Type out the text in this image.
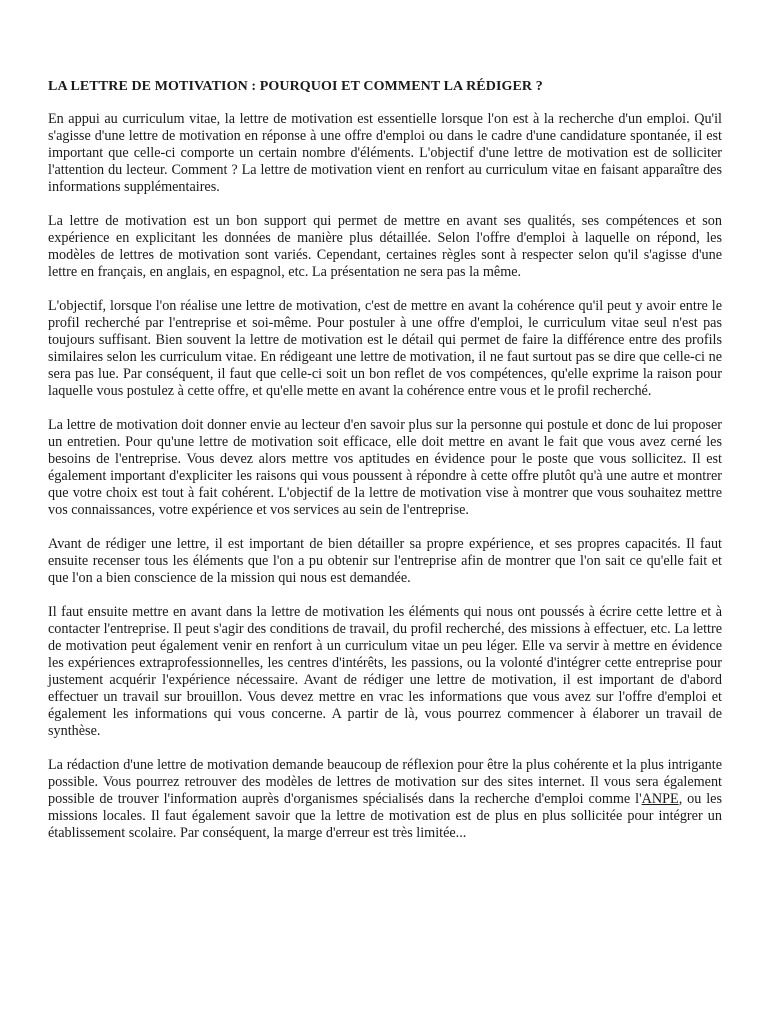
LA LETTRE DE MOTIVATION : POURQUOI ET COMMENT LA RÉDIGER ?

En appui au curriculum vitae, la lettre de motivation est essentielle lorsque l'on est à la recherche d'un emploi. Qu'il s'agisse d'une lettre de motivation en réponse à une offre d'emploi ou dans le cadre d'une candidature spontanée, il est important que celle-ci comporte un certain nombre d'éléments. L'objectif d'une lettre de motivation est de solliciter l'attention du lecteur. Comment ? La lettre de motivation vient en renfort au curriculum vitae en faisant apparaître des informations supplémentaires.

La lettre de motivation est un bon support qui permet de mettre en avant ses qualités, ses compétences et son expérience en explicitant les données de manière plus détaillée. Selon l'offre d'emploi à laquelle on répond, les modèles de lettres de motivation sont variés. Cependant, certaines règles sont à respecter selon qu'il s'agisse d'une lettre en français, en anglais, en espagnol, etc. La présentation ne sera pas la même.

L'objectif, lorsque l'on réalise une lettre de motivation, c'est de mettre en avant la cohérence qu'il peut y avoir entre le profil recherché par l'entreprise et soi-même. Pour postuler à une offre d'emploi, le curriculum vitae seul n'est pas toujours suffisant. Bien souvent la lettre de motivation est le détail qui permet de faire la différence entre des profils similaires selon les curriculum vitae. En rédigeant une lettre de motivation, il ne faut surtout pas se dire que celle-ci ne sera pas lue. Par conséquent, il faut que celle-ci soit un bon reflet de vos compétences, qu'elle exprime la raison pour laquelle vous postulez à cette offre, et qu'elle mette en avant la cohérence entre vous et le profil recherché.

La lettre de motivation doit donner envie au lecteur d'en savoir plus sur la personne qui postule et donc de lui proposer un entretien. Pour qu'une lettre de motivation soit efficace, elle doit mettre en avant le fait que vous avez cerné les besoins de l'entreprise. Vous devez alors mettre vos aptitudes en évidence pour le poste que vous sollicitez. Il est également important d'expliciter les raisons qui vous poussent à répondre à cette offre plutôt qu'à une autre et montrer que votre choix est tout à fait cohérent. L'objectif de la lettre de motivation vise à montrer que vous souhaitez mettre vos connaissances, votre expérience et vos services au sein de l'entreprise.

Avant de rédiger une lettre, il est important de bien détailler sa propre expérience, et ses propres capacités. Il faut ensuite recenser tous les éléments que l'on a pu obtenir sur l'entreprise afin de montrer que l'on sait ce qu'elle fait et que l'on a bien conscience de la mission qui nous est demandée.

Il faut ensuite mettre en avant dans la lettre de motivation les éléments qui nous ont poussés à écrire cette lettre et à contacter l'entreprise. Il peut s'agir des conditions de travail, du profil recherché, des missions à effectuer, etc. La lettre de motivation peut également venir en renfort à un curriculum vitae un peu léger. Elle va servir à mettre en évidence les expériences extraprofessionnelles, les centres d'intérêts, les passions, ou la volonté d'intégrer cette entreprise pour justement acquérir l'expérience nécessaire. Avant de rédiger une lettre de motivation, il est important de d'abord effectuer un travail sur brouillon. Vous devez mettre en vrac les informations que vous avez sur l'offre d'emploi et également les informations qui vous concerne. A partir de là, vous pourrez commencer à élaborer un travail de synthèse.

La rédaction d'une lettre de motivation demande beaucoup de réflexion pour être la plus cohérente et la plus intrigante possible. Vous pourrez retrouver des modèles de lettres de motivation sur des sites internet. Il vous sera également possible de trouver l'information auprès d'organismes spécialisés dans la recherche d'emploi comme l'ANPE, ou les missions locales. Il faut également savoir que la lettre de motivation est de plus en plus sollicitée pour intégrer un établissement scolaire. Par conséquent, la marge d'erreur est très limitée...
